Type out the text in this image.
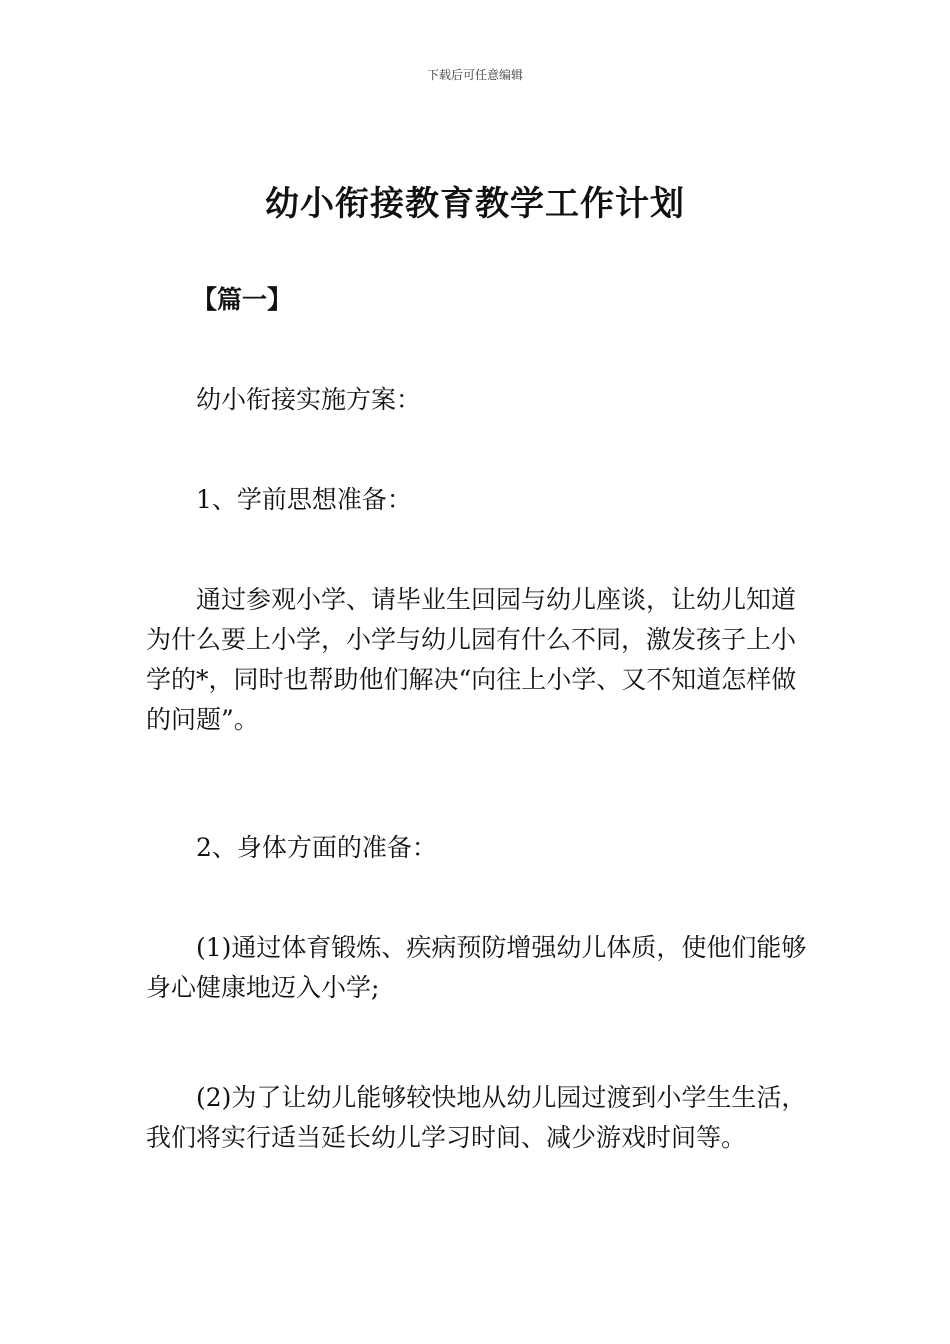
下载后可任意编辑
幼小衔接教育教学工作计划
【篇一】

幼小衔接实施方案：

1、学前思想准备：

通过参观小学、请毕业生回园与幼儿座谈，让幼儿知道为什么要上小学，小学与幼儿园有什么不同，激发孩子上小学的*，同时也帮助他们解决“向往上小学、又不知道怎样做的问题”。

2、身体方面的准备：

(1)通过体育锻炼、疾病预防增强幼儿体质，使他们能够身心健康地迈入小学;

(2)为了让幼儿能够较快地从幼儿园过渡到小学生生活，我们将实行适当延长幼儿学习时间、减少游戏时间等。
